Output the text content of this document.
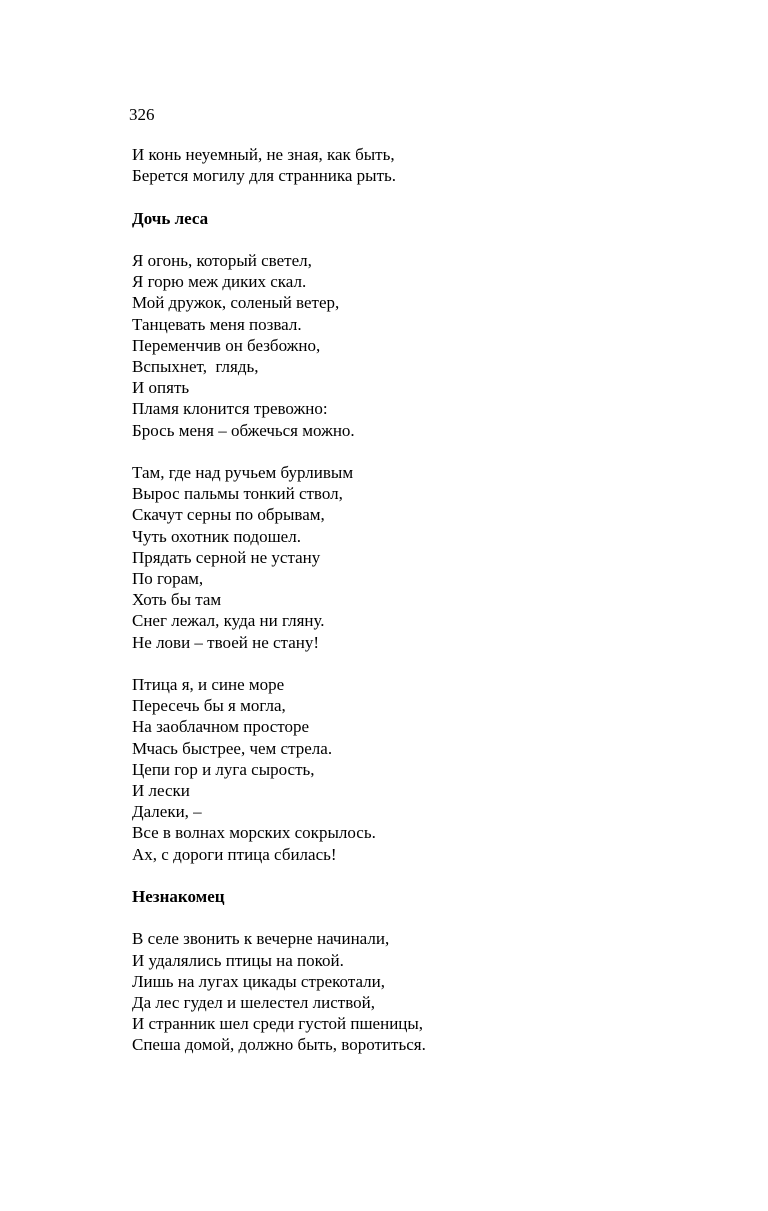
326
И конь неуемный, не зная, как быть,
Берется могилу для странника рыть.
Дочь леса
Я огонь, который светел,
Я горю меж диких скал.
Мой дружок, соленый ветер,
Танцевать меня позвал.
Переменчив он безбожно,
Вспыхнет,  глядь,
И опять
Пламя клонится тревожно:
Брось меня – обжечься можно.
Там, где над ручьем бурливым
Вырос пальмы тонкий ствол,
Скачут серны по обрывам,
Чуть охотник подошел.
Прядать серной не устану
По горам,
Хоть бы там
Снег лежал, куда ни гляну.
Не лови – твоей не стану!
Птица я, и сине море
Пересечь бы я могла,
На заоблачном просторе
Мчась быстрее, чем стрела.
Цепи гор и луга сырость,
И лески
Далеки, –
Все в волнах морских сокрылось.
Ах, с дороги птица сбилась!
Незнакомец
В селе звонить к вечерне начинали,
И удалялись птицы на покой.
Лишь на лугах цикады стрекотали,
Да лес гудел и шелестел листвой,
И странник шел среди густой пшеницы,
Спеша домой, должно быть, воротиться.
